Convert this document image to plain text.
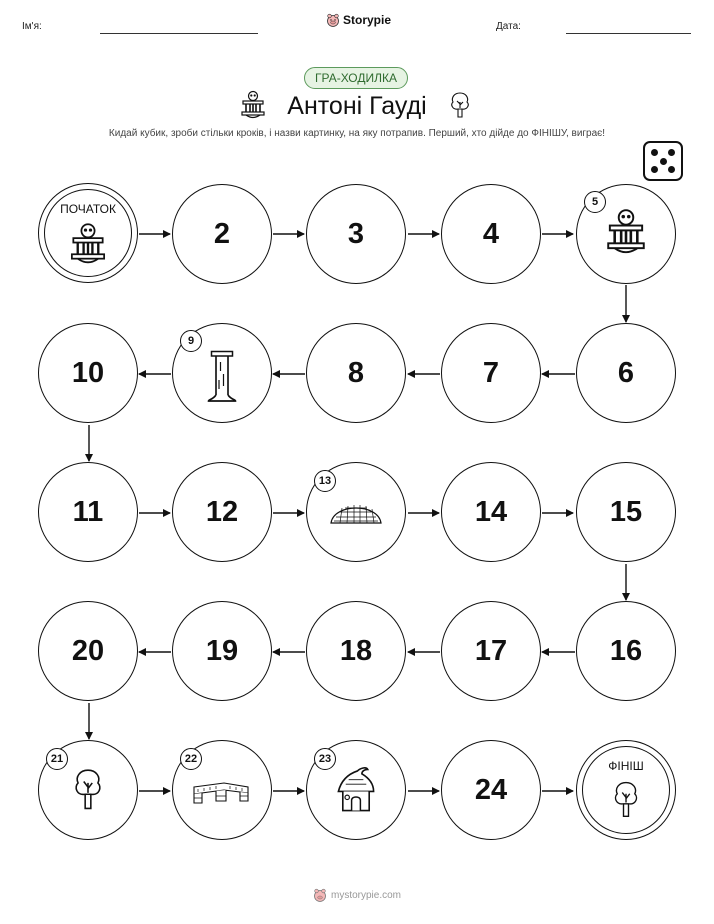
Ім'я:	Storypie	Дата:
ГРА-ХОДИЛКА
Антоні Гауді
Кидай кубик, зроби стільки кроків, і назви картинку, на яку потрапив. Перший, хто дійде до ФІНІШУ, виграє!
ПОЧАТОК
2	3	4
5
10
9
8	7	6
11	12
13
14	15
20	19	18	17	16
21	22	23
24
ФІНІШ
mystorypie.com
